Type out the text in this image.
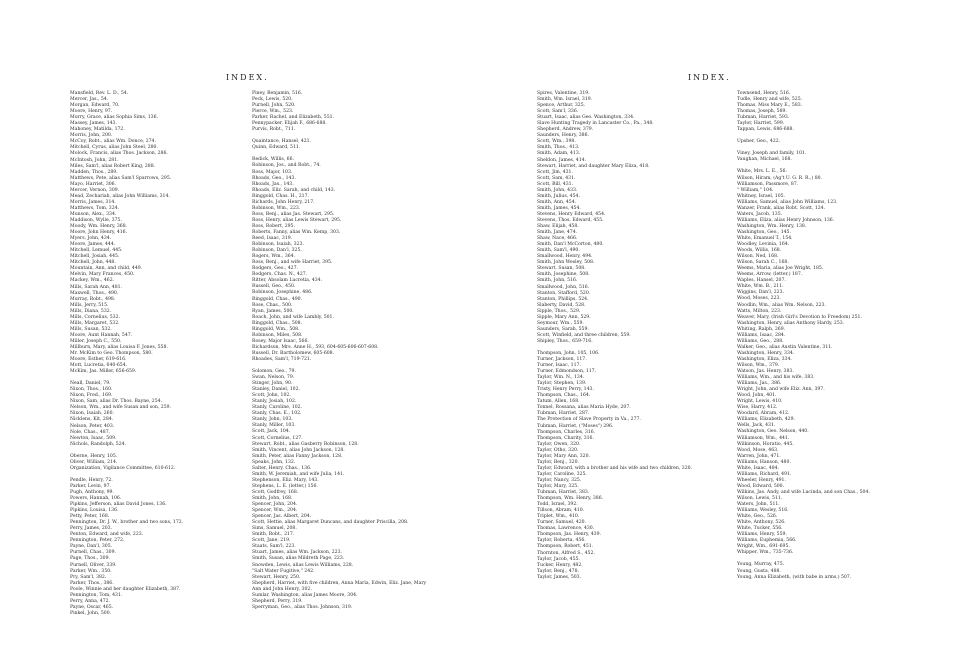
INDEX.
Mansfield, Rev. L. D., 54.
Mercer, Jas., 54.
Morgan, Edward, 70.
Moore, Henry, 97.
Murry, Grace, alias Sophia Sims, 136.
Massey, James, 143.
Mahoney, Matilda, 172.
Morris, John, 200.
McCoy, Robt., alias Wm. Donce, 274.
Mitchell, Cyrus, alias John Steel, 280.
Molock, Francis, alias Thos. Jackson, 286.
McIntosh, John, 281.
Miles, Sam'l, alias Robert King, 288.
Madden, Thos., 289.
Matthews, Pete, alias Sam'l Sparrows, 295.
Mayo, Harriet, 306.
Mercer, Vernon, 309.
Mead, Zechariah, alias John Williams, 314.
Morris, James, 314.
Matthews, Tom, 324.
Munson, Alex., 334.
Maddison, Wylie, 375.
Moody, Wm. Henry, 368.
Moore, John Henry, 416.
Myers, John, 434.
Moore, James, 444.
Mitchell, Lemuel, 445.
Mitchell, Josiah, 445.
Mitchell, John, 448.
Mountain, Ann, and child, 449.
Melvin, Mary Frances, 450.
Mackey, Wm., 462.
Mills, Sarah Ann, 481.
Maxwell, Thos., 490.
Murray, Robt., 498.
Mills, Jerry, 515.
Mills, Diana, 532.
Mills, Cornelius, 532.
Mills, Margaret, 532.
Mills, Susan, 532.
Moore, Aunt Hannah, 547.
Miller, Joseph C., 550.
Millburn, Mary, alias Louisa F. Jones, 558.
Mr. McKim to Geo. Thompson, 580.
Moore, Esther, 619-616.
Mott, Lucretia, 640-654.
McKim, Jas. Miller, 656-659.
Neall, Daniel, 79.
Nixon, Thos., 160.
Nixon, Fred., 169.
Nixon, Sam, alias Dr. Thos. Bayne, 254.
Nelson, Wm., and wife Susan and son, 259.
Nixon, Isaiah, 260.
Nicklens, Kit, 284.
Nelson, Peter, 403.
Nole, Chas., 487.
Newton, Isaac, 509.
Nichols, Randolph, 524.
Oberne, Henry, 105.
Oliver, William, 214.
Organization, Vigilance Committee, 610-612.
Pendle, Henry, 72.
Parker, Levin, 97.
Pugh, Anthony, 99.
Powers, Hannah, 106.
Pipkins, Jefferson, alias David Jones, 136.
Pipkins, Louisa, 136.
Petty, Peter, 168.
Pennington, Dr. J. W., brother and two sons, 172.
Perry, James, 203.
Penton, Edward, and wife, 223.
Pennington, Peter, 272.
Payne, Dan'l, 305.
Purnell, Chas., 309.
Page, Thos., 309.
Purnell, Oliver, 339.
Parker, Wm., 350.
Pry, Sam'l, 382.
Parker, Thos., 386.
Poole, Winnie and her daughter Elizabeth, 387.
Pennington, Tom, 431.
Perry, Anna, 472.
Payne, Oscar, 465.
Pinkel, John, 500.
Piney, Benjamin, 516.
Peck, Lewis, 520.
Purnell, John, 520.
Pierce, Wm., 523.
Parker, Rachel, and Elizabeth, 551.
Pennypacker, Elijah F., 686-688.
Purvis, Robt., 711.
Quaintance, Hansel, 421.
Quinn, Edward, 511.
Redick, Willis, 66.
Robinson, Jos., and Robt., 74.
Ross, Major, 103.
Rhoads, Geo., 143.
Rhoads, Jas., 143.
Rhoads, Eliz. Sarah, and child, 143.
Ringgold, Chas. H., 217.
Richards, John Henry, 217.
Robinson, Wm., 223.
Ross, Benj., alias Jas. Stewart, 295.
Ross, Henry, alias Lewis Stewart, 295.
Ross, Robert, 295.
Roberts, Fanny, alias Wm. Kemp, 303.
Reed, Isaac, 319.
Robinson, Isaiah, 323.
Robinson, Dan'l, 325.
Rogers, Wm., 364.
Ross, Benj., and wife Harriet, 395.
Rodgers, Geo., 427.
Rodgers, Chas. N., 427.
Ritter, Absolam Lucretia, 434.
Russell, Geo., 450.
Robinson, Josephine, 486.
Ringgold, Chas., 490.
Rose, Chas., 500.
Ryan, James, 500.
Roach, John, and wife Lambly, 501.
Ringgold, Chas., 508.
Ringgold, Wm., 508.
Robinson, Miles, 508.
Rosey, Major Isaac, 566.
Richardson, Mrs. Anne H., 593, 604-605-606-607-608.
Russell, Dr. Bartholomew, 605-608.
Rhoades, Sam'l, 719-721.
Solomon, Geo., 79.
Swan, Nelson, 79.
Stinger, John, 90.
Stanley, Daniel, 102.
Scott, John, 102.
Stanly, Josiah, 102.
Stanly, Caroline, 102.
Stanly, Chas. E., 102.
Stanly, John, 103.
Stanly, Miller, 103.
Scott, Jack, 104.
Scott, Cornelius, 127.
Stewart, Robt., alias Gasberry Robinson, 128.
Smith, Vincent, alias John Jackson, 128.
Smith, Peter, alias Fanny Jackson, 128.
Speaks, John, 132.
Salter, Henry, Chas., 136.
Smith, W. Jeremiah, and wife Julia, 141.
Stephenson, Eliz. Mary, 143.
Stephens, L. E. (letter,) 156.
Scott, Godfrey, 168.
Smith, John, 168.
Spencer, John, 204.
Spencer, Wm., 204.
Spencer, Jas. Albert, 204.
Scott, Hettie, alias Margaret Duncans, and daughter Priscilla, 208.
Sims, Samuel, 208.
Smith, Robt., 217.
Scott, Jane, 219.
Staats, Sam'l, 223.
Stuart, James, alias Wm. Jackson, 223.
Smith, Susan, alias Mildreth Page, 223.
Snowden, Lewis, alias Lewis Williams, 228.
"Salt Water Fugitive," 242.
Stewart, Henry, 250.
Shepherd, Harriet, with five children, Anna Maria, Edwin, Eliz. Jane, Mary Ann and John Henry, 302.
Sumlar, Washington, alias James Moore, 304.
Shepherd, Perry, 319.
Sperryman, Geo., alias Thos. Johnson, 319.
INDEX.
Spires, Valentine, 319.
Smith, Wm. Israel, 319.
Spence, Arthur, 325.
Scott, Sam'l, 336.
Stuart, Isaac, alias Geo. Washington, 334.
Slave Hunting Tragedy in Lancaster Co., Pa., 348.
Shepherd, Andrew, 379.
Saunders, Henry, 386.
Scott, Wm., 398.
Smith, Thos., 413.
Smith, Adam, 413.
Sheldon, James, 414.
Stewart, Harriet, and daughter Mary Eliza, 418.
Scott, Jim, 431.
Scott, Sam, 431.
Scott, Bill, 431.
Smith, John, 433.
Smith, Julius, 454.
Smith, Ann, 454.
Smith, James, 454.
Stevens, Henry Edward, 454.
Stevens, Thos. Edward, 455.
Shaw, Elijah, 458.
Smith, Jane, 474.
Shaw, Nace, 466.
Smith, Dan'l McCorton, 480.
Smith, Sam'l, 490.
Smallwood, Henry, 494.
Smith, John Wesley, 508.
Stewart, Susan, 508.
Smith, Josephine, 508.
Smith, John, 516.
Smallwood, John, 516.
Stanton, Stafford, 520.
Stanton, Phillips, 524.
Slaberty, David, 528.
Sipple, Thos., 529.
Sipple, Mary Ann, 529.
Seymour, Wm., 559.
Saunders, Sarah, 559.
Scott, Winfield, and three children, 559.
Shipley, Thos., 659-716.
Thompson, John, 105, 106.
Turner, Jackson, 117.
Turner, Isaac, 117.
Turner, Edmondson, 117.
Taylor, Wm. N., 134.
Taylor, Stephen, 139.
Tristy, Henry Perry, 143.
Thompson, Chas., 164.
Tatum, Allen, 168.
Tonnel, Rossana, alias Maria Hyde, 207.
Tubman, Harriet, 287.
The Protection of Slave Property in Va., 277.
Tubman, Harriet, ("Moses") 296.
Thompson, Charles, 316.
Thompson, Charity, 316.
Taylor, Owen, 320.
Taylor, Otho, 320.
Taylor, Mary Ann, 320.
Taylor, Benj., 320.
Taylor, Edward, with a brother and his wife and two children, 320.
Taylor, Caroline, 325.
Taylor, Nancy, 325.
Taylor, Mary, 325.
Tubman, Harriet, 383.
Thompson, Wm. Henry, 386.
Todd, Israel, 392.
Tillson, Abram, 410.
Triplet, Wm., 410.
Turner, Samuel, 420.
Thomas, Lawrence, 430.
Thompson, Jas. Henry, 439.
Taylor, Roberta, 456.
Thompson, Robert, 451.
Thornton, Alfred S., 452.
Taylor, Jacob, 455.
Tucker, Henry, 482.
Taylor, Benj., 478.
Taylor, James, 503.
Townsend, Henry, 516.
Tudle, Henry and wife, 525.
Thomas, Miss Mary E., 583.
Thomas, Joseph, 589.
Tubman, Harriet, 593.
Taylor, Harriet, 599.
Tappan, Lewis, 686-688.
Upsher, Geo., 422.
Viney, Joseph and family, 101.
Vaughan, Michael, 168.
White, Mrs. L. E., 56.
Wilson, Hiram, (Ag't U. G. R. R.,) 80.
Williamson, Passmore, 87.
" William," 104.
Whitney, Israel, 105.
Williams, Samuel, alias John Williams, 123.
Wanzer, Frank, alias Robt. Scott, 124.
Waters, Jacob, 135.
Williams, Eliza, alias Henry Johnson, 136.
Washington, Wm. Henry, 138.
Washington, Geo., 145.
White, Emanuel T., 154.
Woodley, Levinia, 164.
Woods, Willis, 168.
Wilson, Ned, 168.
Wilson, Sarah C., 168.
Weems, Maria, alias Joe Wright, 185.
Weems, Arrow, (letter,) 187.
Waples, Hansel, 207.
White, Wm. B., 211.
Wiggins, Dan'l, 223.
Wood, Moses, 223.
Woodlin, Wm., alias Wm. Nelson, 223.
Watts, Milton, 223.
Weaver, Mary, (Irish Girl's Devotion to Freedom) 251.
Washington, Henry, alias Anthony Hardy, 253.
Whiting, Ralph, 269.
Williams, Isaac, 284.
Williams, Geo., 288.
Walker, Geo., alias Austin Valentine, 311.
Washington, Henry, 334.
Washington, Eliza, 334.
Wilson, Wm., 379.
Watson, Jas. Henry, 383.
Williams, Wm., and his wife, 383.
Williams, Jas., 386.
Wright, John, and wife Eliz. Ann, 397.
Wood, John, 401.
Wright, Lewis, 410.
Wise, Harry, 412.
Woodard, Abram, 412.
Williams, Elizabeth, 429.
Wells, Jack, 431.
Washington, Geo. Nelson, 440.
Williamson, Wm., 441.
Wilkinson, Horatio, 445.
Wood, Mose, 463.
Warren, John, 471.
Williams, Hanson, 480.
White, Isaac, 484.
Williams, Richard, 491.
Wheeler, Henry, 491.
Wood, Edward, 500.
Wilkins, Jas. Andy, and wife Lucinda, and son Chas., 504.
Wilson, Lewis, 511.
Waters, John, 511.
Williams, Wesley, 516.
White, Geo., 526.
White, Anthony, 526.
White, Tucker, 556.
Williams, Henry, 559.
Williams, Euphemia, 566.
Wright, Wm., 691-695.
Whipper, Wm., 735-736.
Young, Murray, 475.
Young, Gusta, 488.
Young, Anna Elizabeth, (with babe in arms,) 507.
